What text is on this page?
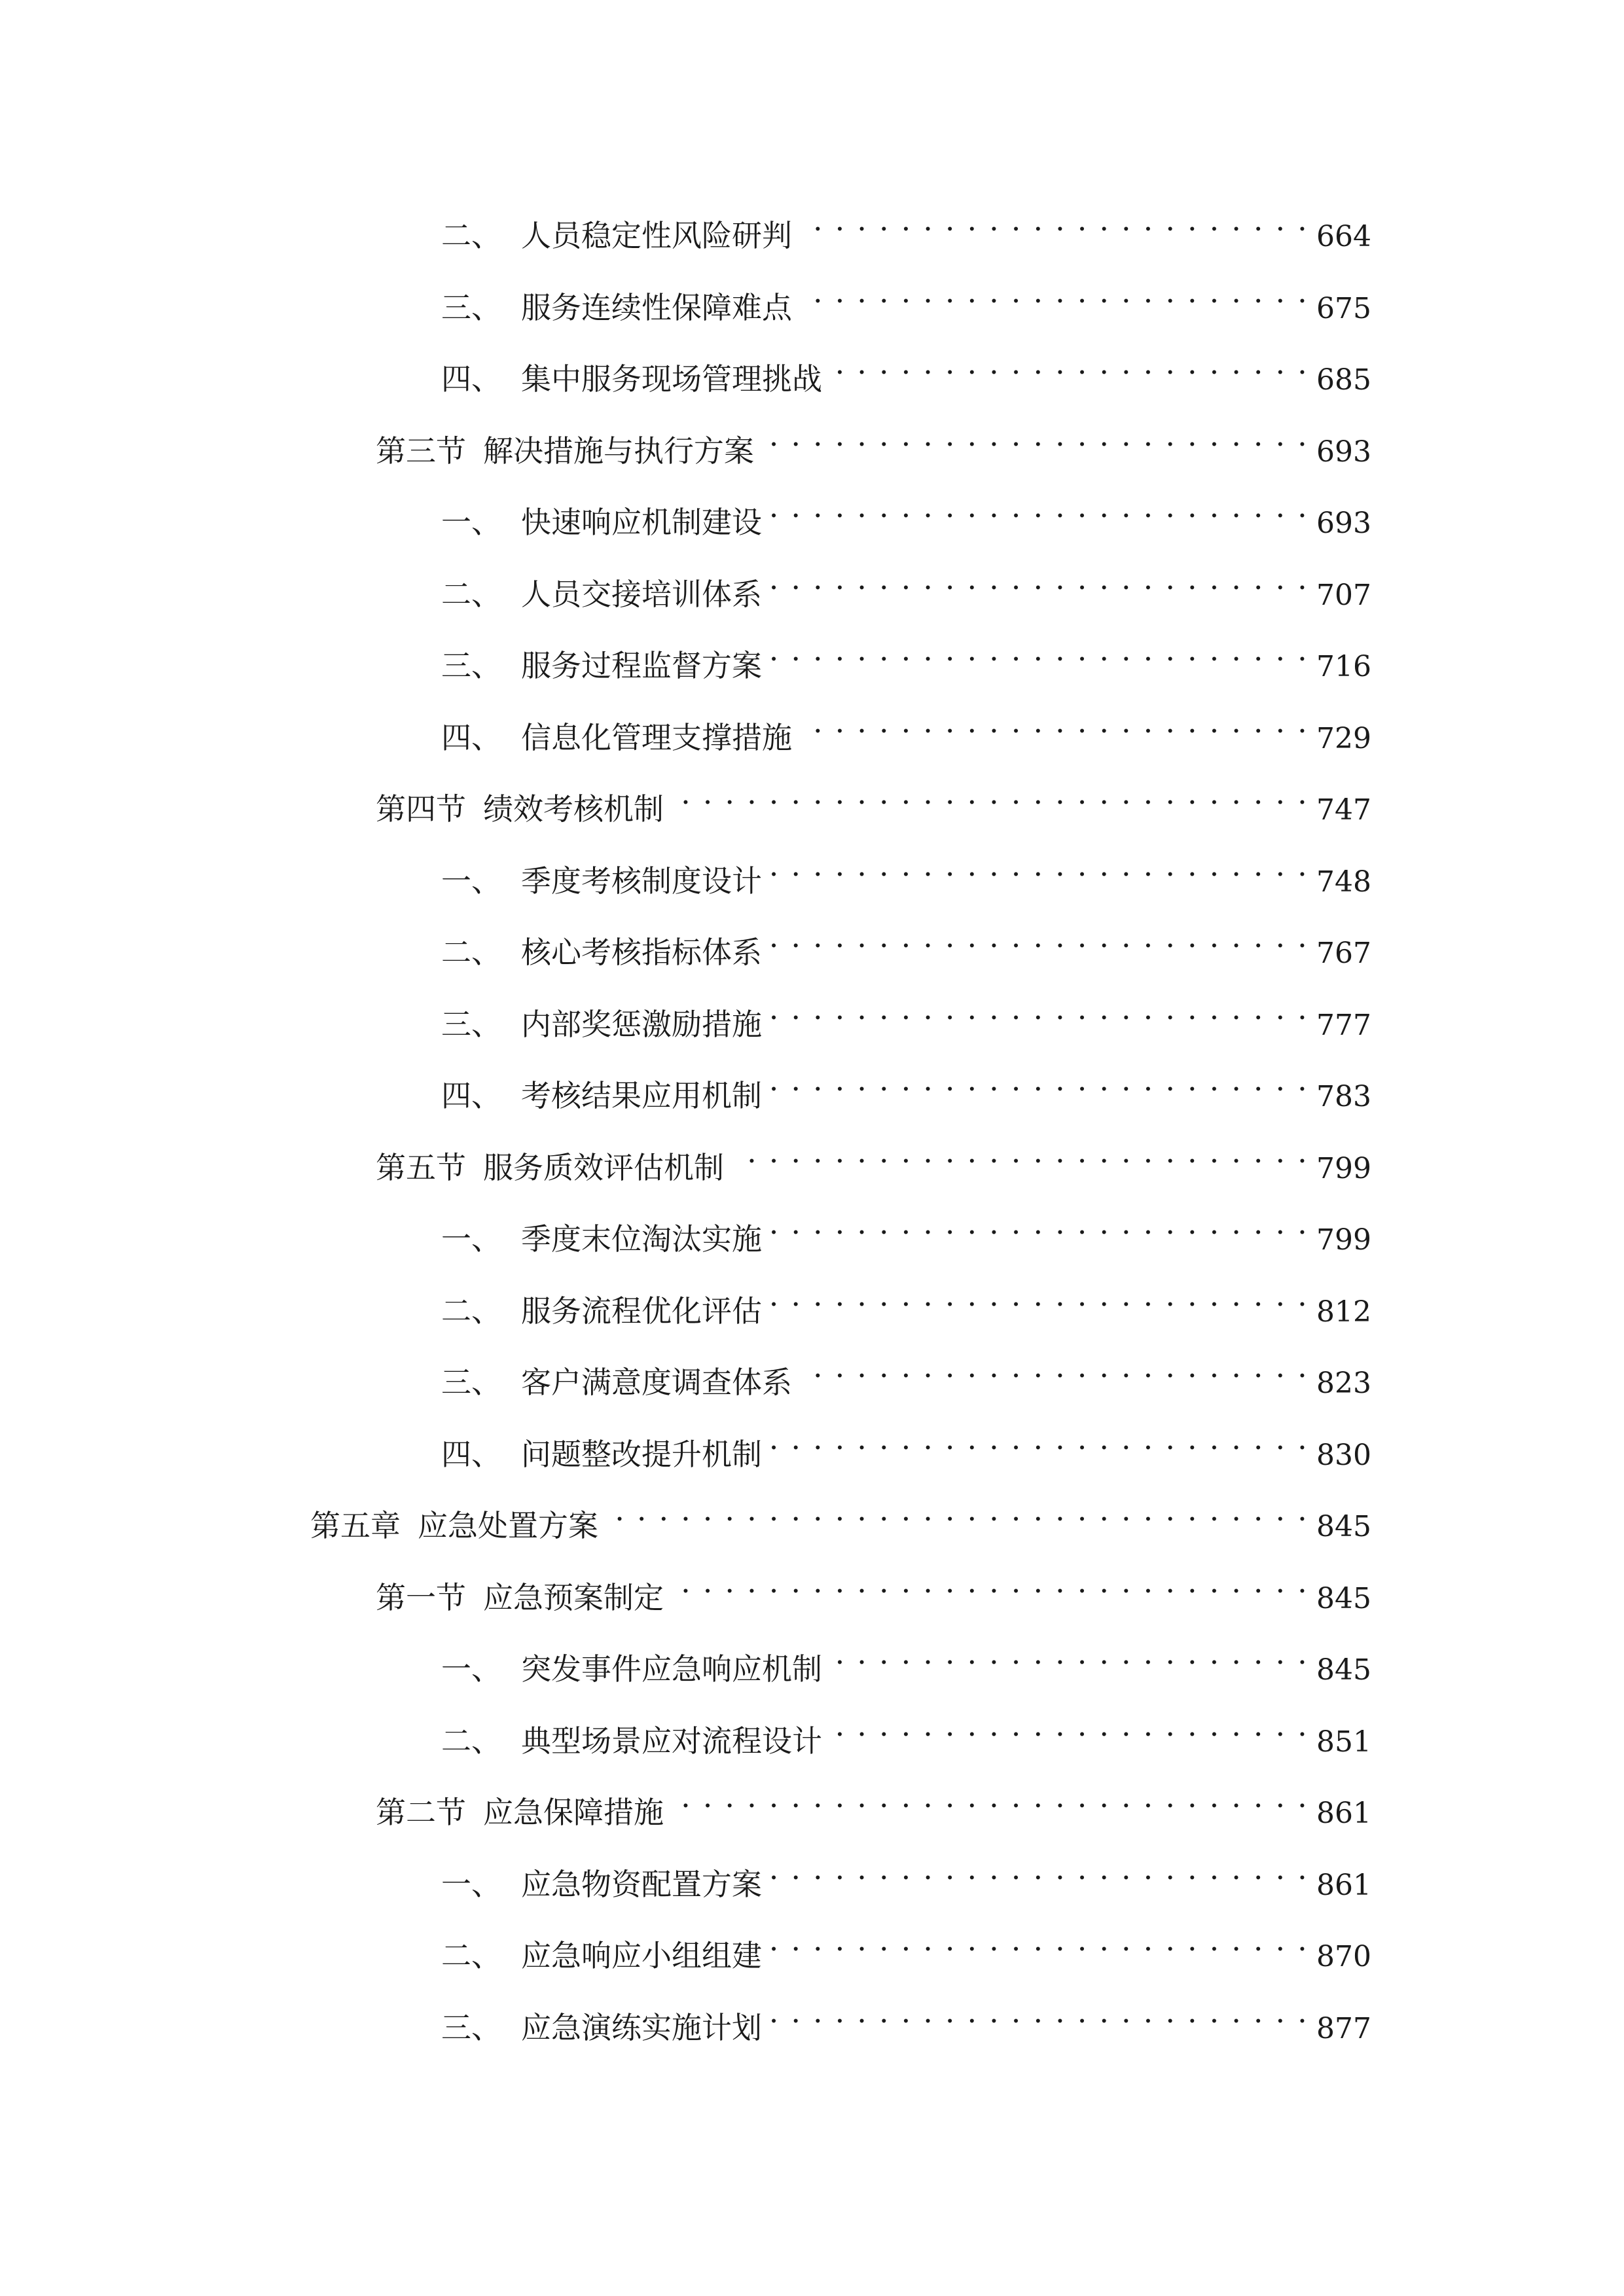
二、 人员稳定性风险研判 . . .	664
三、 服务连续性保障难点 . . .	675
四、 集中服务现场管理挑战 . . .	685
第三节 解决措施与执行方案 . . .	693
一、 快速响应机制建设 . . .	693
二、 人员交接培训体系 . . .	707
三、 服务过程监督方案 . . .	716
四、 信息化管理支撑措施 . . .	729
第四节 绩效考核机制 . . .	747
一、 季度考核制度设计 . . .	748
二、 核心考核指标体系 . . .	767
三、 内部奖惩激励措施 . . .	777
四、 考核结果应用机制 . . .	783
第五节 服务质效评估机制 . . .	799
一、 季度末位淘汰实施 . . .	799
二、 服务流程优化评估 . . .	812
三、 客户满意度调查体系 . . .	823
四、 问题整改提升机制 . . .	830
第五章 应急处置方案 . . .	845
第一节 应急预案制定 . . .	845
一、 突发事件应急响应机制 . . .	845
二、 典型场景应对流程设计 . . .	851
第二节 应急保障措施 . . .	861
一、 应急物资配置方案 . . .	861
二、 应急响应小组组建 . . .	870
三、 应急演练实施计划 . . .	877
